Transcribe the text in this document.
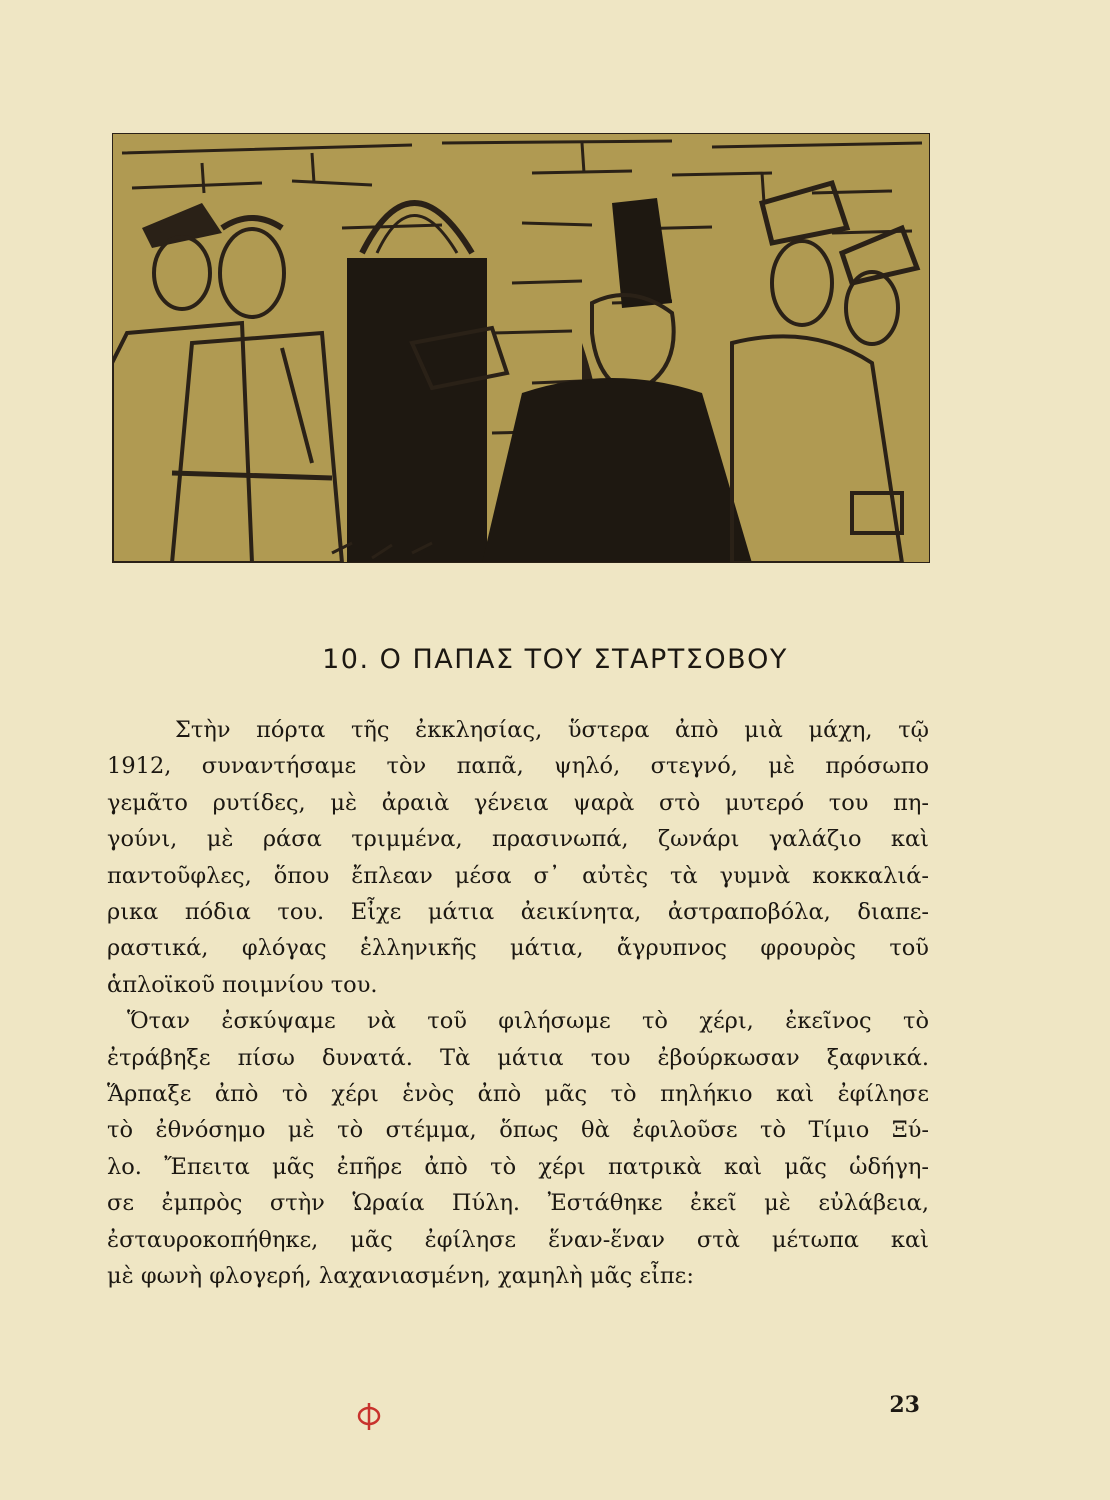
10. Ο ΠΑΠΑΣ ΤΟΥ ΣΤΑΡΤΣΟΒΟΥ

Στὴν πόρτα τῆς ἐκκλησίας, ὕστερα ἀπὸ μιὰ μάχη, τῷ
1912, συναντήσαμε τὸν παπᾶ, ψηλό, στεγνό, μὲ πρόσωπο
γεμᾶτο ρυτίδες, μὲ ἀραιὰ γένεια ψαρὰ στὸ μυτερό του πη-
γούνι, μὲ ράσα τριμμένα, πρασινωπά, ζωνάρι γαλάζιο καὶ
παντοῦφλες, ὅπου ἔπλεαν μέσα σ᾽ αὐτὲς τὰ γυμνὰ κοκκαλιά-
ρικα πόδια του. Εἶχε μάτια ἀεικίνητα, ἀστραποβόλα, διαπε-
ραστικά, φλόγας ἑλληνικῆς μάτια, ἄγρυπνος φρουρὸς τοῦ
ἁπλοϊκοῦ ποιμνίου του.

Ὅταν ἐσκύψαμε νὰ τοῦ φιλήσωμε τὸ χέρι, ἐκεῖνος τὸ
ἐτράβηξε πίσω δυνατά. Τὰ μάτια του ἐβούρκωσαν ξαφνικά.
Ἅρπαξε ἀπὸ τὸ χέρι ἑνὸς ἀπὸ μᾶς τὸ πηλήκιο καὶ ἐφίλησε
τὸ ἐθνόσημο μὲ τὸ στέμμα, ὅπως θὰ ἐφιλοῦσε τὸ Τίμιο Ξύ-
λο. Ἔπειτα μᾶς ἐπῆρε ἀπὸ τὸ χέρι πατρικὰ καὶ μᾶς ὡδήγη-
σε ἐμπρὸς στὴν Ὡραία Πύλη. Ἐστάθηκε ἐκεῖ μὲ εὐλάβεια,
ἐσταυροκοπήθηκε, μᾶς ἐφίλησε ἕναν-ἕναν στὰ μέτωπα καὶ
μὲ φωνὴ φλογερή, λαχανιασμένη, χαμηλὴ μᾶς εἶπε:

23
